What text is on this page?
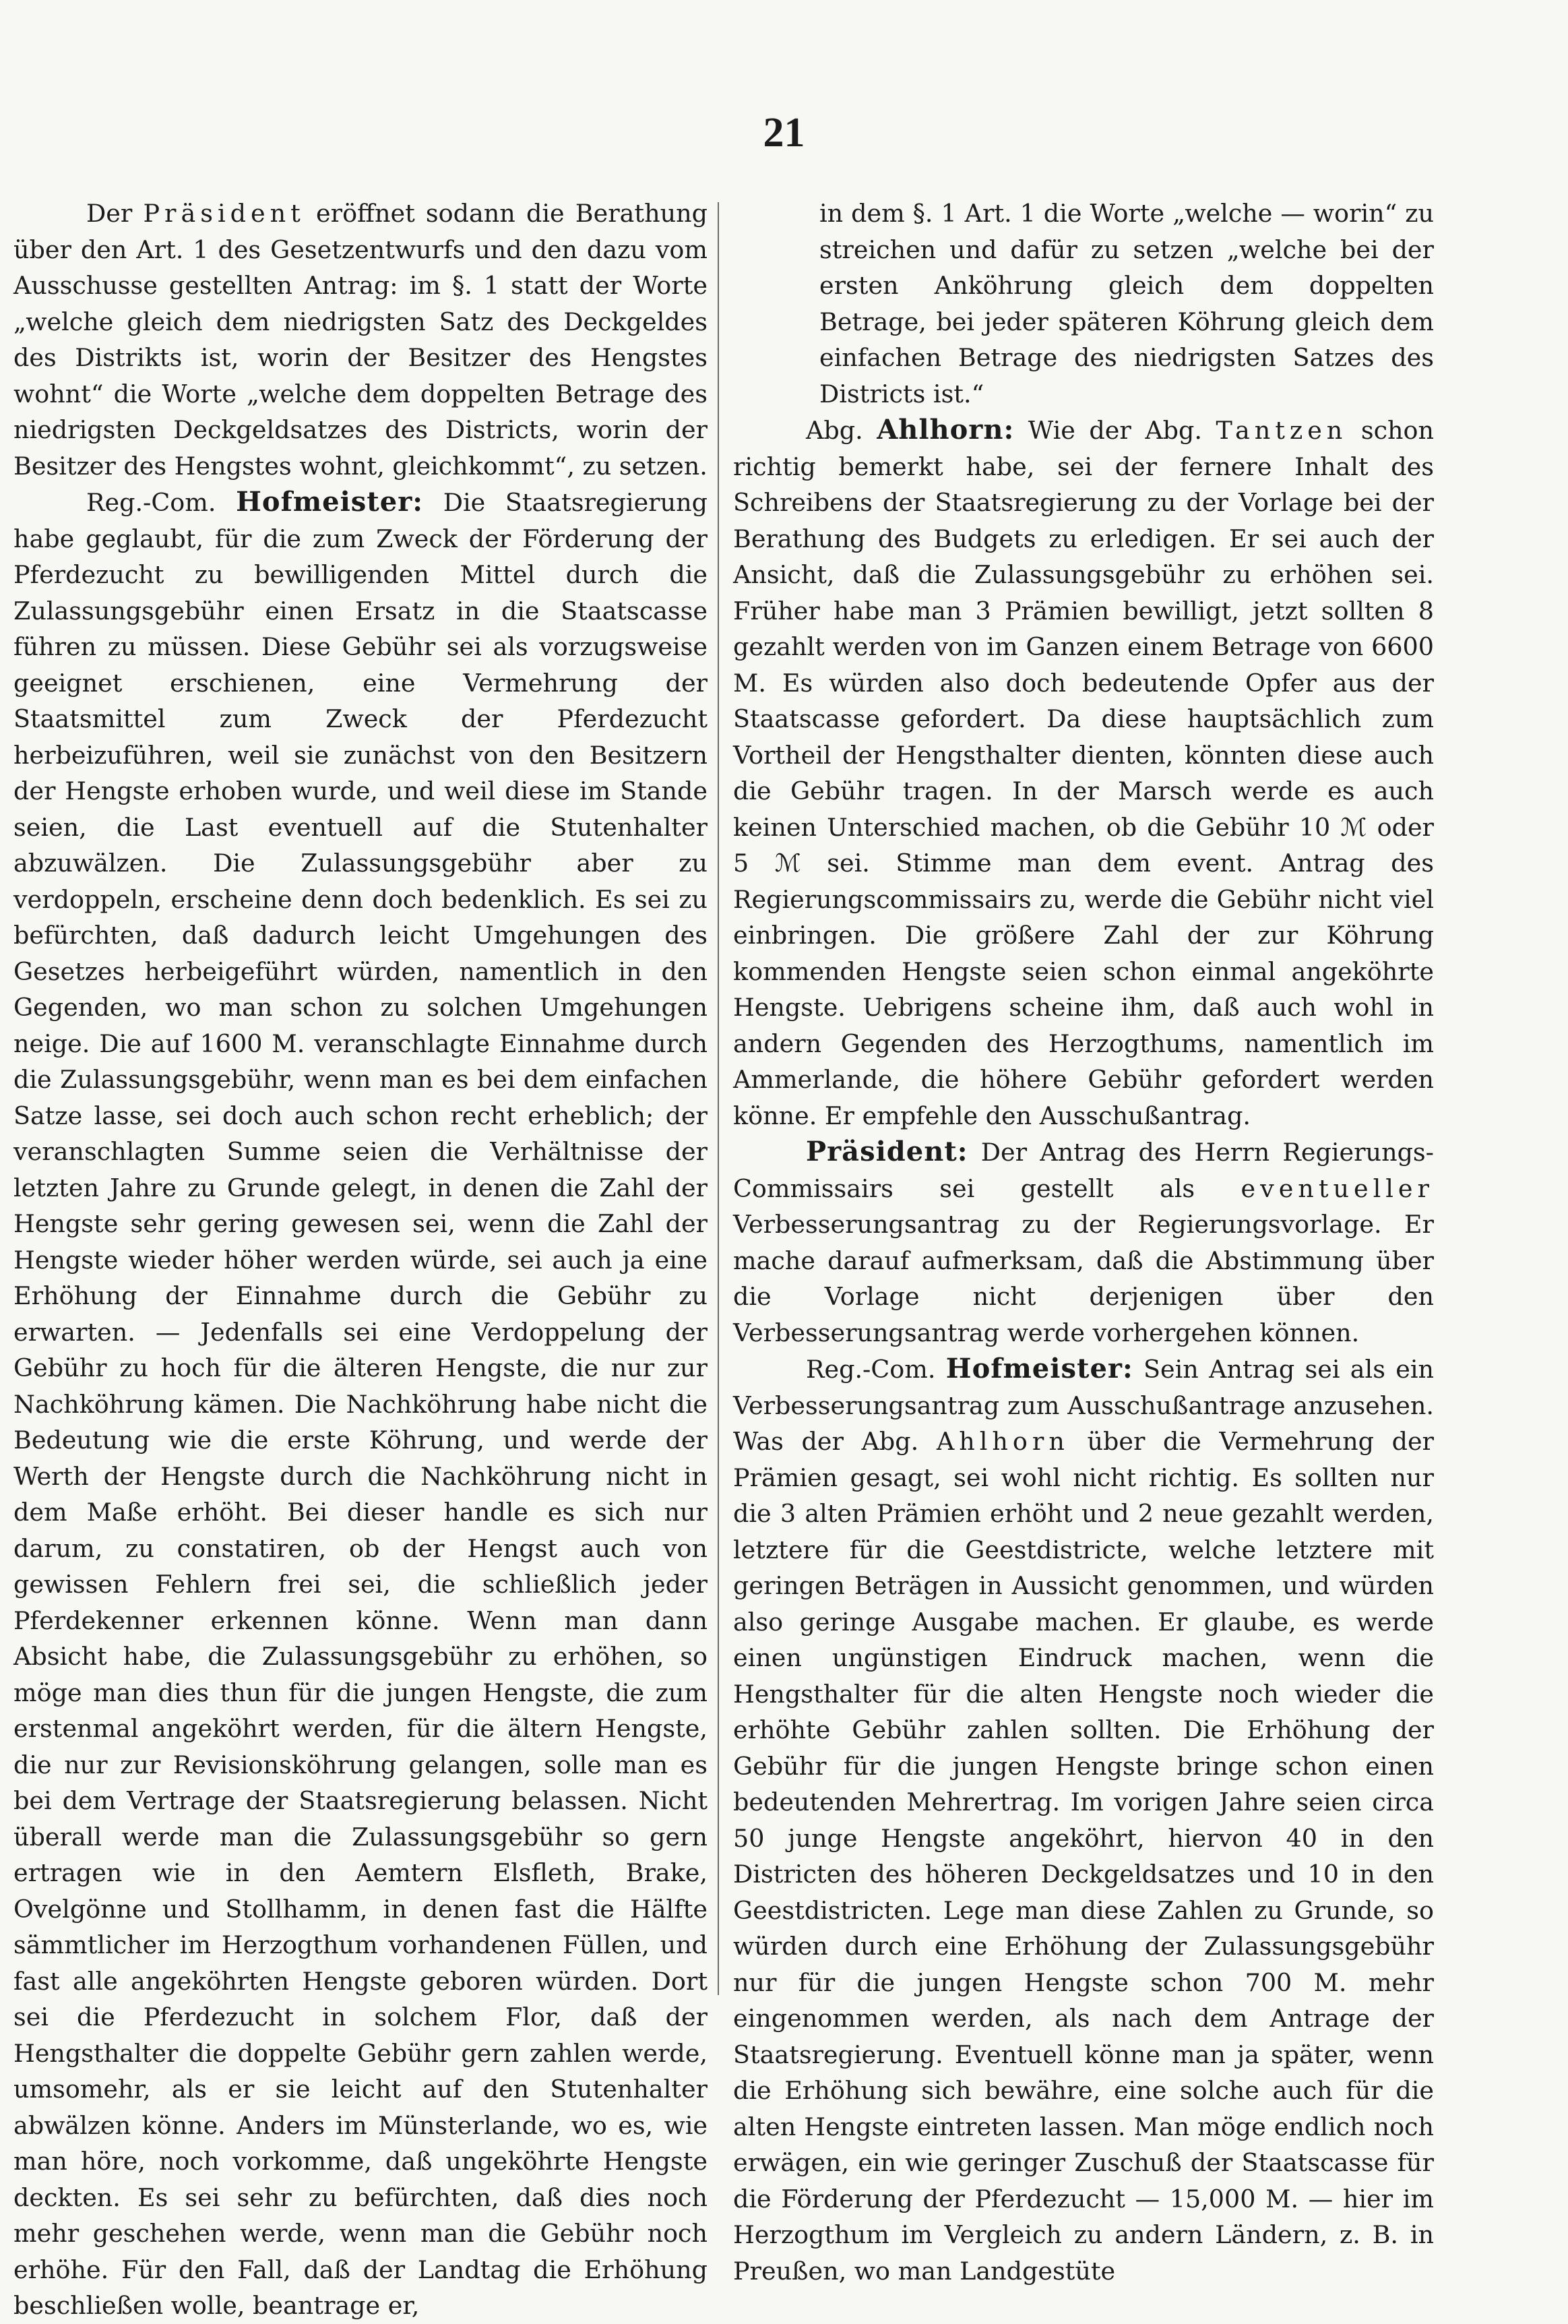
21

Der Präsident eröffnet sodann die Berathung über den Art. 1 des Gesetzentwurfs und den dazu vom Ausschusse gestellten Antrag: im §. 1 statt der Worte „welche gleich dem niedrigsten Satz des Deckgeldes des Distrikts ist, worin der Besitzer des Hengstes wohnt“ die Worte „welche dem doppelten Betrage des niedrigsten Deckgeldsatzes des Districts, worin der Besitzer des Hengstes wohnt, gleichkommt“, zu setzen.

Reg.-Com. Hofmeister: Die Staatsregierung habe geglaubt, für die zum Zweck der Förderung der Pferdezucht zu bewilligenden Mittel durch die Zulassungsgebühr einen Ersatz in die Staatscasse führen zu müssen. Diese Gebühr sei als vorzugsweise geeignet erschienen, eine Vermehrung der Staatsmittel zum Zweck der Pferdezucht herbeizuführen, weil sie zunächst von den Besitzern der Hengste erhoben wurde, und weil diese im Stande seien, die Last eventuell auf die Stutenhalter abzuwälzen. Die Zulassungsgebühr aber zu verdoppeln, erscheine denn doch bedenklich. Es sei zu befürchten, daß dadurch leicht Umgehungen des Gesetzes herbeigeführt würden, namentlich in den Gegenden, wo man schon zu solchen Umgehungen neige. Die auf 1600 M. veranschlagte Einnahme durch die Zulassungsgebühr, wenn man es bei dem einfachen Satze lasse, sei doch auch schon recht erheblich; der veranschlagten Summe seien die Verhältnisse der letzten Jahre zu Grunde gelegt, in denen die Zahl der Hengste sehr gering gewesen sei, wenn die Zahl der Hengste wieder höher werden würde, sei auch ja eine Erhöhung der Einnahme durch die Gebühr zu erwarten. — Jedenfalls sei eine Verdoppelung der Gebühr zu hoch für die älteren Hengste, die nur zur Nachköhrung kämen. Die Nachköhrung habe nicht die Bedeutung wie die erste Köhrung, und werde der Werth der Hengste durch die Nachköhrung nicht in dem Maße erhöht. Bei dieser handle es sich nur darum, zu constatiren, ob der Hengst auch von gewissen Fehlern frei sei, die schließlich jeder Pferdekenner erkennen könne. Wenn man dann Absicht habe, die Zulassungsgebühr zu erhöhen, so möge man dies thun für die jungen Hengste, die zum erstenmal angeköhrt werden, für die ältern Hengste, die nur zur Revisionsköhrung gelangen, solle man es bei dem Vertrage der Staatsregierung belassen. Nicht überall werde man die Zulassungsgebühr so gern ertragen wie in den Aemtern Elsfleth, Brake, Ovelgönne und Stollhamm, in denen fast die Hälfte sämmtlicher im Herzogthum vorhandenen Füllen, und fast alle angeköhrten Hengste geboren würden. Dort sei die Pferdezucht in solchem Flor, daß der Hengsthalter die doppelte Gebühr gern zahlen werde, umsomehr, als er sie leicht auf den Stutenhalter abwälzen könne. Anders im Münsterlande, wo es, wie man höre, noch vorkomme, daß ungeköhrte Hengste deckten. Es sei sehr zu befürchten, daß dies noch mehr geschehen werde, wenn man die Gebühr noch erhöhe. Für den Fall, daß der Landtag die Erhöhung beschließen wolle, beantrage er,

in dem §. 1 Art. 1 die Worte „welche — worin“ zu streichen und dafür zu setzen „welche bei der ersten Anköhrung gleich dem doppelten Betrage, bei jeder späteren Köhrung gleich dem einfachen Betrage des niedrigsten Satzes des Districts ist.“

Abg. Ahlhorn: Wie der Abg. Tantzen schon richtig bemerkt habe, sei der fernere Inhalt des Schreibens der Staatsregierung zu der Vorlage bei der Berathung des Budgets zu erledigen. Er sei auch der Ansicht, daß die Zulassungsgebühr zu erhöhen sei. Früher habe man 3 Prämien bewilligt, jetzt sollten 8 gezahlt werden von im Ganzen einem Betrage von 6600 M. Es würden also doch bedeutende Opfer aus der Staatscasse gefordert. Da diese hauptsächlich zum Vortheil der Hengsthalter dienten, könnten diese auch die Gebühr tragen. In der Marsch werde es auch keinen Unterschied machen, ob die Gebühr 10 ℳ oder 5 ℳ sei. Stimme man dem event. Antrag des Regierungscommissairs zu, werde die Gebühr nicht viel einbringen. Die größere Zahl der zur Köhrung kommenden Hengste seien schon einmal angeköhrte Hengste. Uebrigens scheine ihm, daß auch wohl in andern Gegenden des Herzogthums, namentlich im Ammerlande, die höhere Gebühr gefordert werden könne. Er empfehle den Ausschußantrag.

Präsident: Der Antrag des Herrn Regierungs-Commissairs sei gestellt als eventueller Verbesserungsantrag zu der Regierungsvorlage. Er mache darauf aufmerksam, daß die Abstimmung über die Vorlage nicht derjenigen über den Verbesserungsantrag werde vorhergehen können.

Reg.-Com. Hofmeister: Sein Antrag sei als ein Verbesserungsantrag zum Ausschußantrage anzusehen. Was der Abg. Ahlhorn über die Vermehrung der Prämien gesagt, sei wohl nicht richtig. Es sollten nur die 3 alten Prämien erhöht und 2 neue gezahlt werden, letztere für die Geestdistricte, welche letztere mit geringen Beträgen in Aussicht genommen, und würden also geringe Ausgabe machen. Er glaube, es werde einen ungünstigen Eindruck machen, wenn die Hengsthalter für die alten Hengste noch wieder die erhöhte Gebühr zahlen sollten. Die Erhöhung der Gebühr für die jungen Hengste bringe schon einen bedeutenden Mehrertrag. Im vorigen Jahre seien circa 50 junge Hengste angeköhrt, hiervon 40 in den Districten des höheren Deckgeldsatzes und 10 in den Geestdistricten. Lege man diese Zahlen zu Grunde, so würden durch eine Erhöhung der Zulassungsgebühr nur für die jungen Hengste schon 700 M. mehr eingenommen werden, als nach dem Antrage der Staatsregierung. Eventuell könne man ja später, wenn die Erhöhung sich bewähre, eine solche auch für die alten Hengste eintreten lassen. Man möge endlich noch erwägen, ein wie geringer Zuschuß der Staatscasse für die Förderung der Pferdezucht — 15,000 M. — hier im Herzogthum im Vergleich zu andern Ländern, z. B. in Preußen, wo man Landgestüte
